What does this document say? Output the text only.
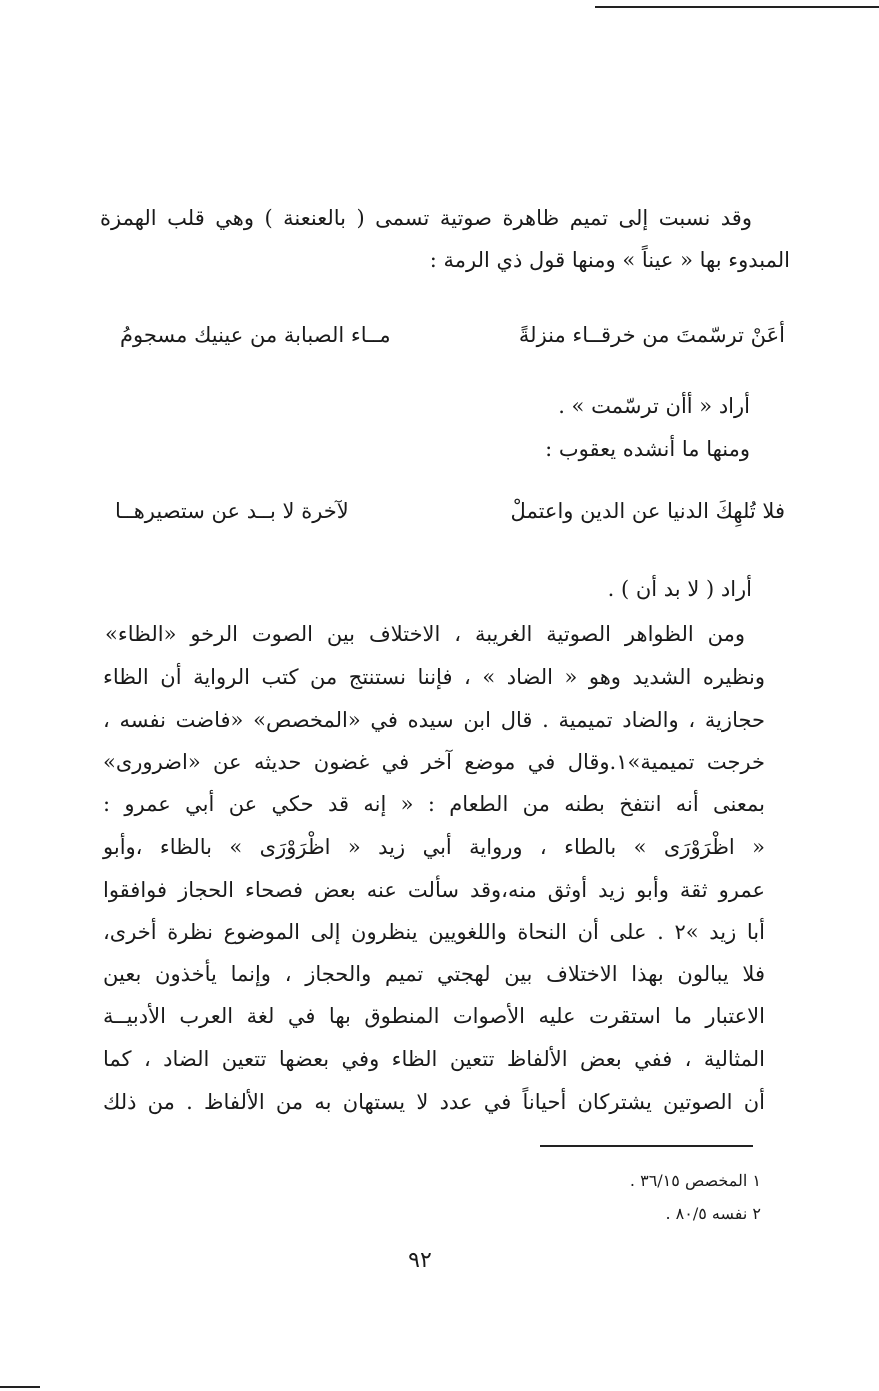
وقد نسبت إلى تميم ظاهرة صوتية تسمى ( بالعنعنة ) وهي قلب الهمزة
المبدوء بها « عيناً » ومنها قول ذي الرمة :
أعَنْ ترسّمتَ من خرقــاء منزلةً
مــاء الصبابة من عينيك مسجومُ
أراد « أأن ترسّمت » .
ومنها ما أنشده يعقوب :
فلا تُلهِكَ الدنيا عن الدين واعتملْ
لآخرة لا بــد عن ستصيرهــا
أراد ( لا بد أن ) .
ومن الظواهر الصوتية الغريبة ، الاختلاف بين الصوت الرخو «الظاء»
ونظيره الشديد وهو « الضاد » ، فإننا نستنتج من كتب الرواية أن الظاء
حجازية ، والضاد تميمية . قال ابن سيده في «المخصص» «فاضت نفسه ،
خرجت تميمية»١.وقال في موضع آخر في غضون حديثه عن «اضرورى»
بمعنى أنه انتفخ بطنه من الطعام : « إنه قد حكي عن أبي عمرو :
« اظْرَوْرَى » بالطاء ، ورواية أبي زيد « اظْرَوْرَى » بالظاء ،وأبو
عمرو ثقة وأبو زيد أوثق منه،وقد سألت عنه بعض فصحاء الحجاز فوافقوا
أبا زيد »٢ . على أن النحاة واللغويين ينظرون إلى الموضوع نظرة أخرى،
فلا يبالون بهذا الاختلاف بين لهجتي تميم والحجاز ، وإنما يأخذون بعين
الاعتبار ما استقرت عليه الأصوات المنطوق بها في لغة العرب الأدبيــة
المثالية ، ففي بعض الألفاظ تتعين الظاء وفي بعضها تتعين الضاد ، كما
أن الصوتين يشتركان أحياناً في عدد لا يستهان به من الألفاظ . من ذلك
١ المخصص ٣٦/١٥ .
٢ نفسه ٨٠/٥ .
٩٢
